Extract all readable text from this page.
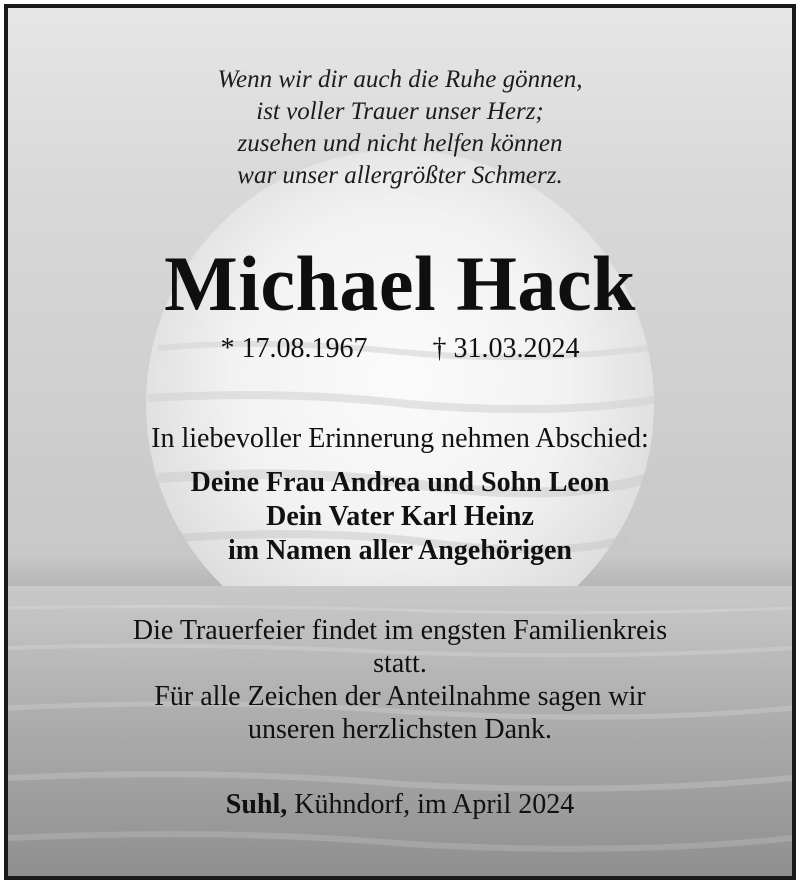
Wenn wir dir auch die Ruhe gönnen,
ist voller Trauer unser Herz;
zusehen und nicht helfen können
war unser allergrößter Schmerz.
Michael Hack
* 17.08.1967 † 31.03.2024
In liebevoller Erinnerung nehmen Abschied:
Deine Frau Andrea und Sohn Leon
Dein Vater Karl Heinz
im Namen aller Angehörigen
Die Trauerfeier findet im engsten Familienkreis
statt.
Für alle Zeichen der Anteilnahme sagen wir
unseren herzlichsten Dank.
Suhl, Kühndorf, im April 2024
